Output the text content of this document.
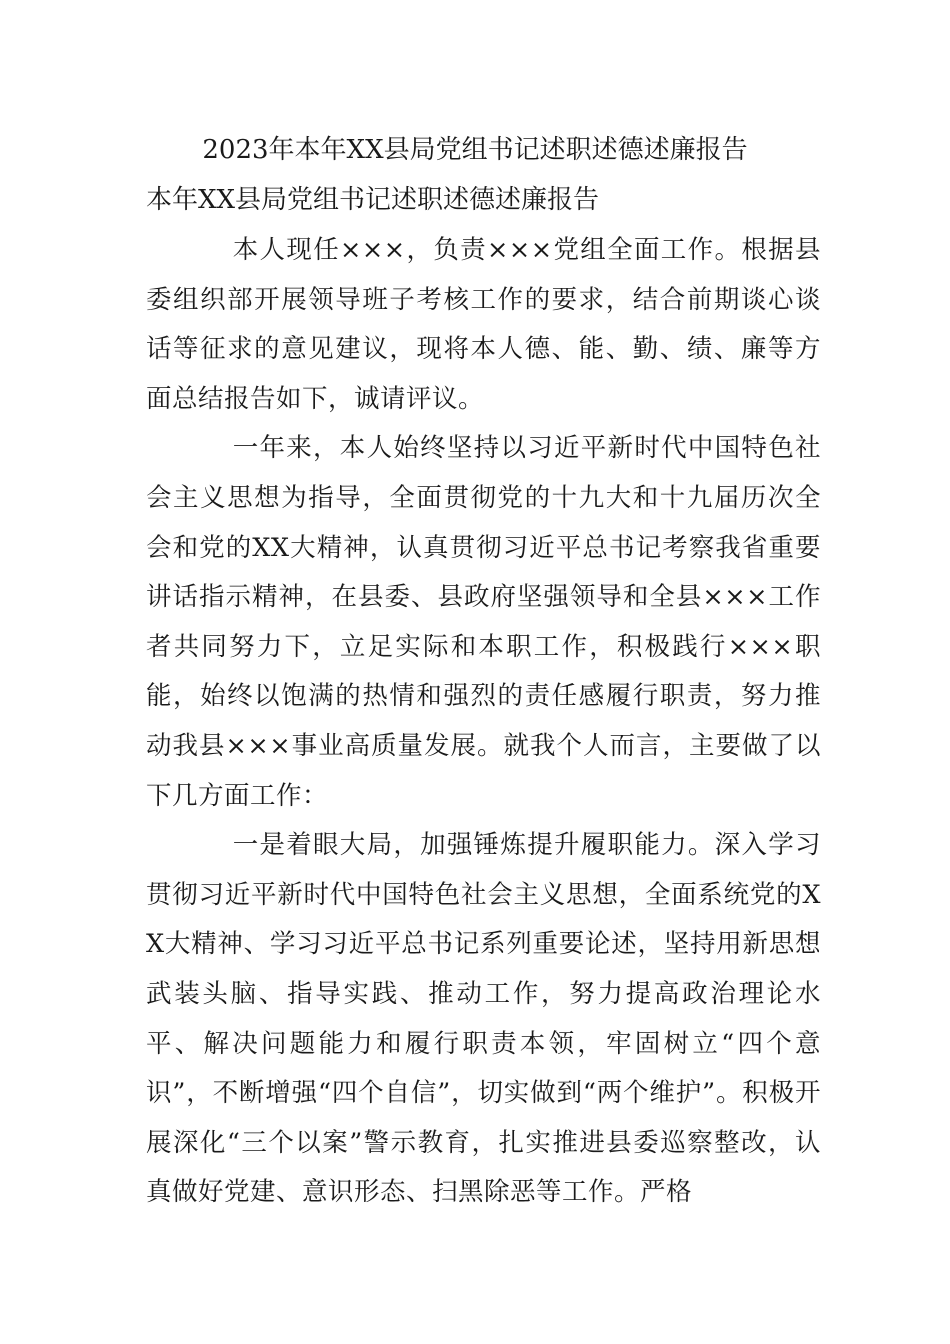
2023年本年XX县局党组书记述职述德述廉报告
本年XX县局党组书记述职述德述廉报告

本人现任×××，负责×××党组全面工作。根据县委组织部开展领导班子考核工作的要求，结合前期谈心谈话等征求的意见建议，现将本人德、能、勤、绩、廉等方面总结报告如下，诚请评议。

一年来，本人始终坚持以习近平新时代中国特色社会主义思想为指导，全面贯彻党的十九大和十九届历次全会和党的XX大精神，认真贯彻习近平总书记考察我省重要讲话指示精神，在县委、县政府坚强领导和全县×××工作者共同努力下，立足实际和本职工作，积极践行×××职能，始终以饱满的热情和强烈的责任感履行职责，努力推动我县×××事业高质量发展。就我个人而言，主要做了以下几方面工作：

一是着眼大局，加强锤炼提升履职能力。深入学习贯彻习近平新时代中国特色社会主义思想，全面系统党的XX大精神、学习习近平总书记系列重要论述，坚持用新思想武装头脑、指导实践、推动工作，努力提高政治理论水平、解决问题能力和履行职责本领，牢固树立“四个意识”，不断增强“四个自信”，切实做到“两个维护”。积极开展深化“三个以案”警示教育，扎实推进县委巡察整改，认真做好党建、意识形态、扫黑除恶等工作。严格
